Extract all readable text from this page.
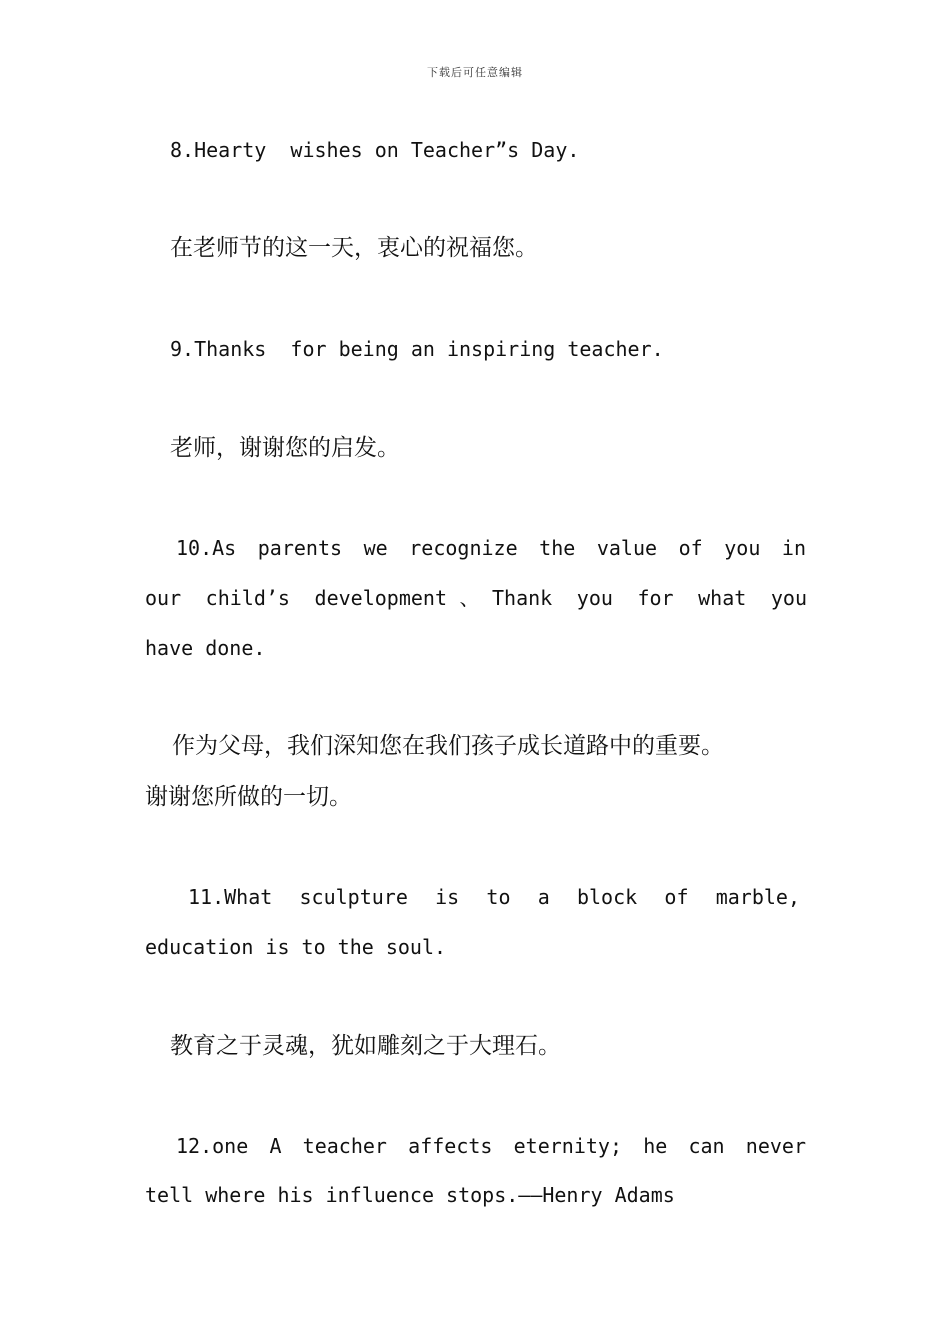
下载后可任意编辑
8.Hearty  wishes on Teacher”s Day.
在老师节的这一天，衷心的祝福您。
9.Thanks  for being an inspiring teacher.
老师，谢谢您的启发。
10.As parents we recognize the value of you in
our child’s development、Thank you for what you
have done.
作为父母，我们深知您在我们孩子成长道路中的重要。
谢谢您所做的一切。
11.What sculpture is to a block of marble,
education is to the soul.
教育之于灵魂，犹如雕刻之于大理石。
12.one A teacher affects eternity; he can never
tell where his influence stops.——Henry Adams
